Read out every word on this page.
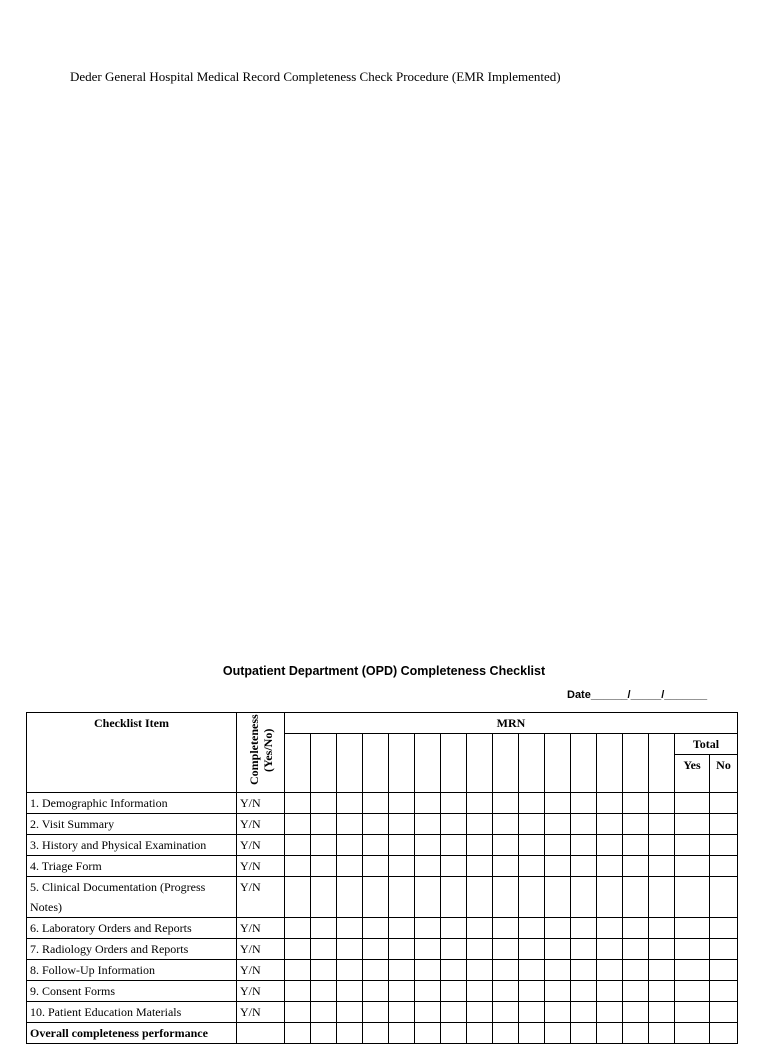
Deder General Hospital Medical Record Completeness Check Procedure (EMR Implemented)
Outpatient Department (OPD) Completeness Checklist
Date______/_____/_______
Checklist Item	Completeness (Yes/No)	MRN																
																	Total	
																	Yes	No
1. Demographic Information	Y/N																	
2. Visit Summary	Y/N																	
3. History and Physical Examination	Y/N																	
4. Triage Form	Y/N																	
5. Clinical Documentation (Progress Notes)	Y/N																	
6. Laboratory Orders and Reports	Y/N																	
7. Radiology Orders and Reports	Y/N																	
8. Follow-Up Information	Y/N																	
9. Consent Forms	Y/N																	
10. Patient Education Materials	Y/N																	
Overall completeness performance																		
